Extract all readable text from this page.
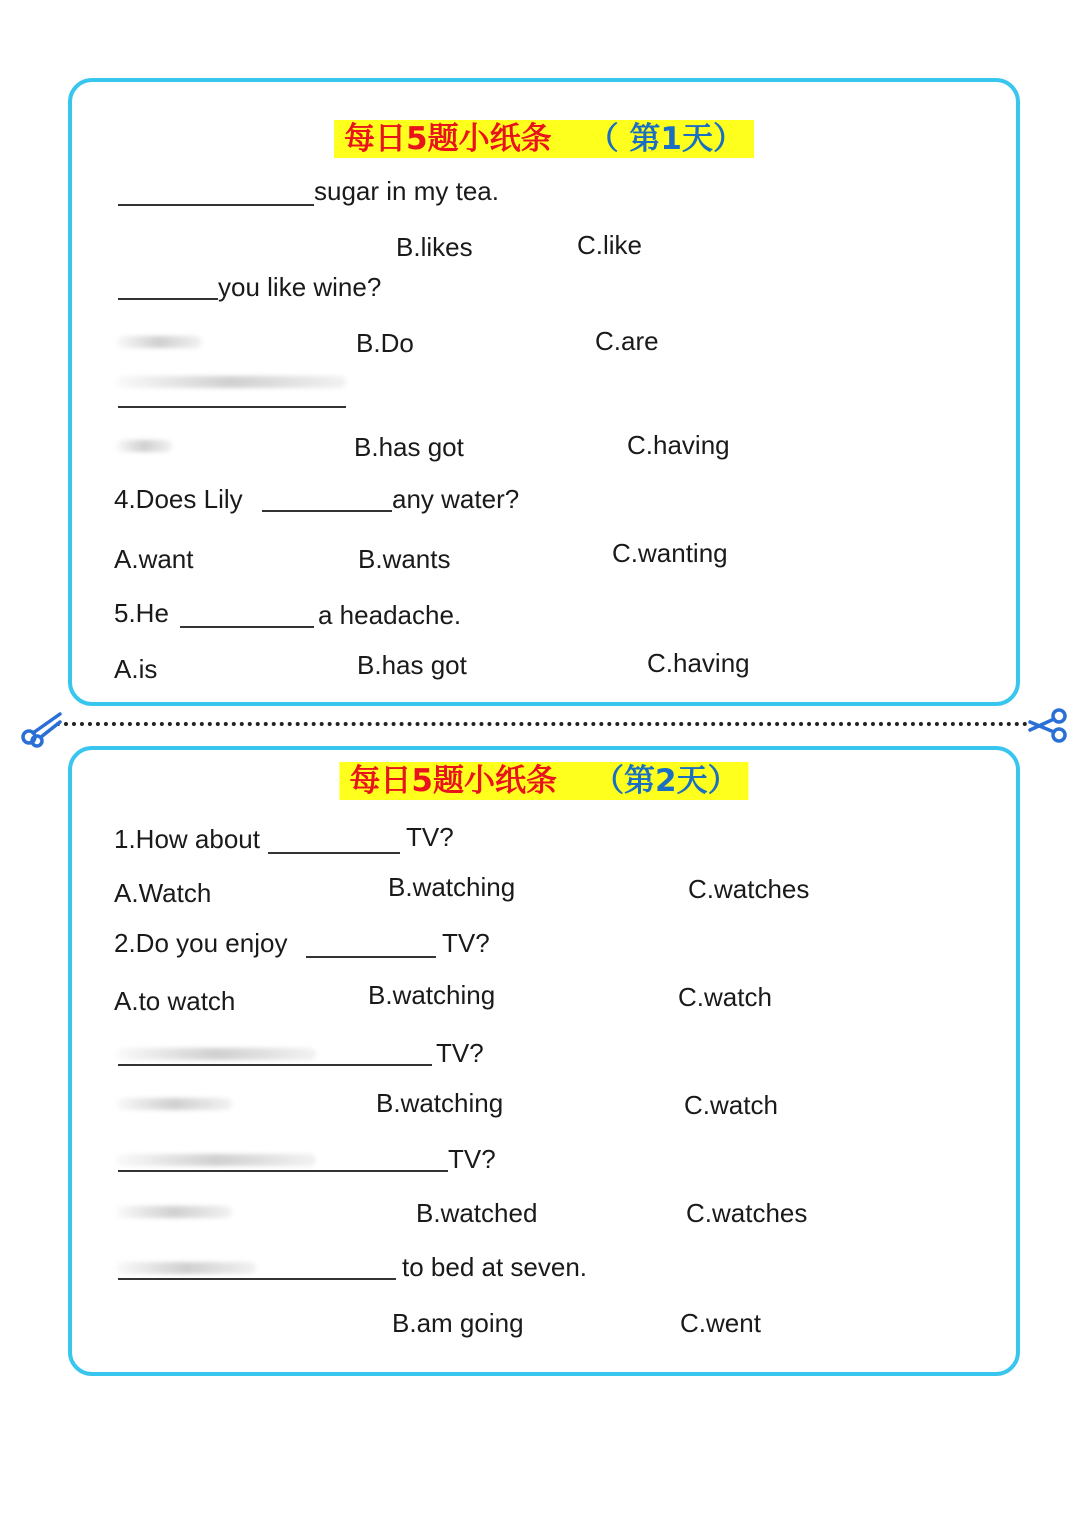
每日5题小纸条 （ 第1天）
sugar in my tea.
B.likes	C.like
you like wine?
B.Do	C.are
B.has got	C.having
4.Does Lily	any water?
A.want	B.wants	C.wanting
5.He	a headache.
A.is	B.has got	C.having
每日5题小纸条 （第2天）
1.How about	TV?
A.Watch	B.watching	C.watches
2.Do you enjoy	TV?
A.to watch	B.watching	C.watch
TV?
B.watching	C.watch
TV?
B.watched	C.watches
to bed at seven.
B.am going	C.went
